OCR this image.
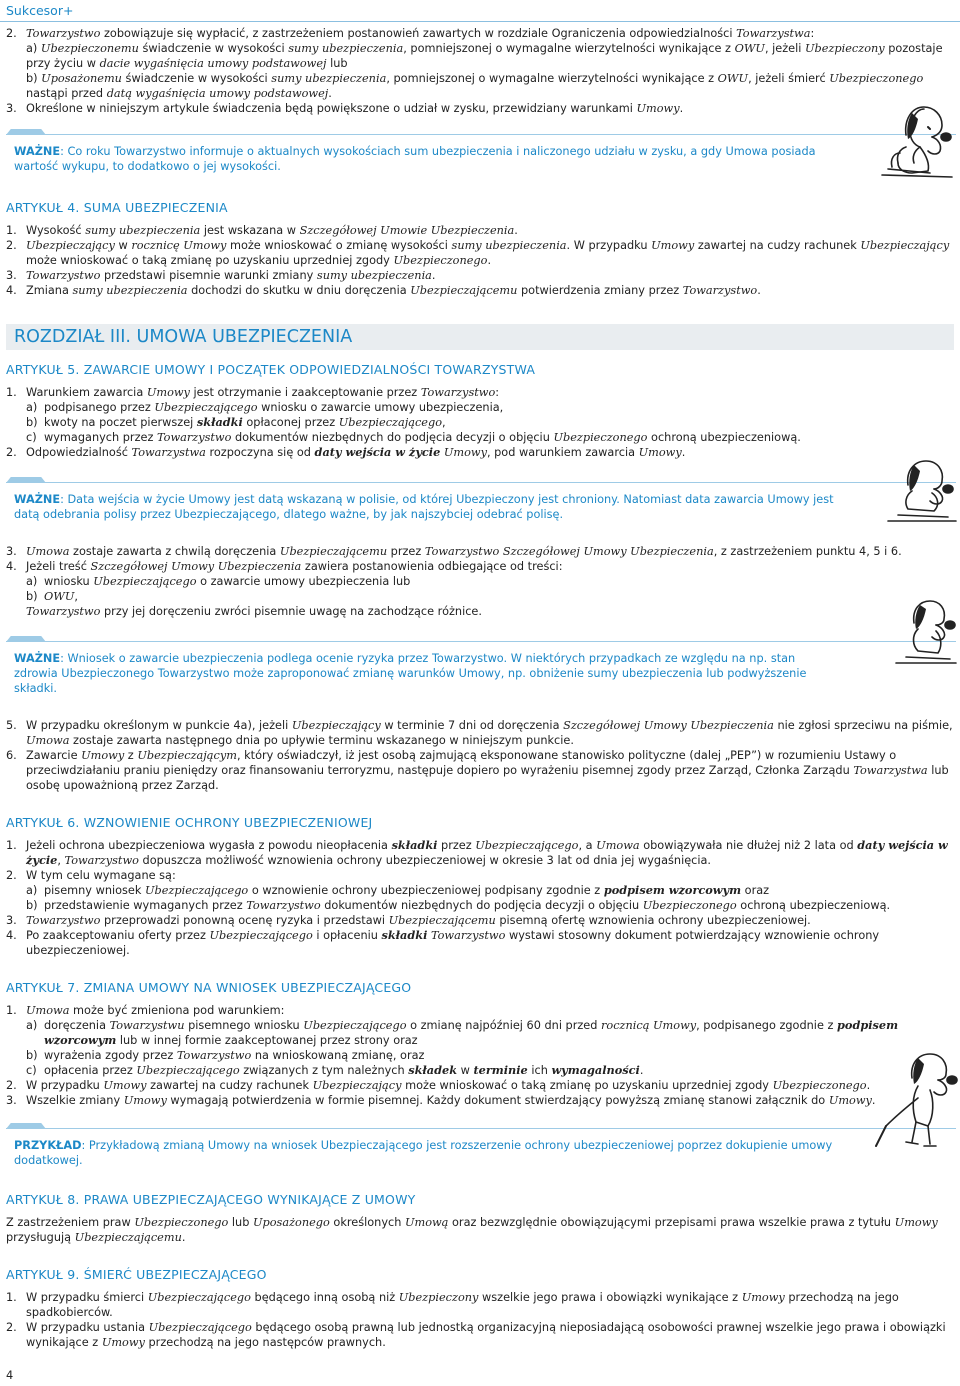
Sukcesor+
2. Towarzystwo zobowiązuje się wypłacić, z zastrzeżeniem postanowień zawartych w rozdziale Ograniczenia odpowiedzialności Towarzystwa:

a) Ubezpieczonemu świadczenie w wysokości sumy ubezpieczenia, pomniejszonej o wymagalne wierzytelności wynikające z OWU, jeżeli Ubezpieczony pozostaje przy życiu w dacie wygaśnięcia umowy podstawowej lub

b) Uposażonemu świadczenie w wysokości sumy ubezpieczenia, pomniejszonej o wymagalne wierzytelności wynikające z OWU, jeżeli śmierć Ubezpieczonego nastąpi przed datą wygaśnięcia umowy podstawowej.

3. Określone w niniejszym artykule świadczenia będą powiększone o udział w zysku, przewidziany warunkami Umowy.

WAŻNE: Co roku Towarzystwo informuje o aktualnych wysokościach sum ubezpieczenia i naliczonego udziału w zysku, a gdy Umowa posiada wartość wykupu, to dodatkowo o jej wysokości.
ARTYKUŁ 4. SUMA UBEZPIECZENIA
1. Wysokość sumy ubezpieczenia jest wskazana w Szczegółowej Umowie Ubezpieczenia.

2. Ubezpieczający w rocznicę Umowy może wnioskować o zmianę wysokości sumy ubezpieczenia. W przypadku Umowy zawartej na cudzy rachunek Ubezpieczający może wnioskować o taką zmianę po uzyskaniu uprzedniej zgody Ubezpieczonego.

3. Towarzystwo przedstawi pisemnie warunki zmiany sumy ubezpieczenia.

4. Zmiana sumy ubezpieczenia dochodzi do skutku w dniu doręczenia Ubezpieczającemu potwierdzenia zmiany przez Towarzystwo.

ROZDZIAŁ III. UMOWA UBEZPIECZENIA
ARTYKUŁ 5. ZAWARCIE UMOWY I POCZĄTEK ODPOWIEDZIALNOŚCI TOWARZYSTWA
1. Warunkiem zawarcia Umowy jest otrzymanie i zaakceptowanie przez Towarzystwo:

a) podpisanego przez Ubezpieczającego wniosku o zawarcie umowy ubezpieczenia,

b) kwoty na poczet pierwszej składki opłaconej przez Ubezpieczającego,

c) wymaganych przez Towarzystwo dokumentów niezbędnych do podjęcia decyzji o objęciu Ubezpieczonego ochroną ubezpieczeniową.

2. Odpowiedzialność Towarzystwa rozpoczyna się od daty wejścia w życie Umowy, pod warunkiem zawarcia Umowy.

WAŻNE: Data wejścia w życie Umowy jest datą wskazaną w polisie, od której Ubezpieczony jest chroniony. Natomiast data zawarcia Umowy jest datą odebrania polisy przez Ubezpieczającego, dlatego ważne, by jak najszybciej odebrać polisę.
3. Umowa zostaje zawarta z chwilą doręczenia Ubezpieczającemu przez Towarzystwo Szczegółowej Umowy Ubezpieczenia, z zastrzeżeniem punktu 4, 5 i 6.

4. Jeżeli treść Szczegółowej Umowy Ubezpieczenia zawiera postanowienia odbiegające od treści:

a) wniosku Ubezpieczającego o zawarcie umowy ubezpieczenia lub

b) OWU,

Towarzystwo przy jej doręczeniu zwróci pisemnie uwagę na zachodzące różnice.

WAŻNE: Wniosek o zawarcie ubezpieczenia podlega ocenie ryzyka przez Towarzystwo. W niektórych przypadkach ze względu na np. stan zdrowia Ubezpieczonego Towarzystwo może zaproponować zmianę warunków Umowy, np. obniżenie sumy ubezpieczenia lub podwyższenie składki.
5. W przypadku określonym w punkcie 4a), jeżeli Ubezpieczający w terminie 7 dni od doręczenia Szczegółowej Umowy Ubezpieczenia nie zgłosi sprzeciwu na piśmie, Umowa zostaje zawarta następnego dnia po upływie terminu wskazanego w niniejszym punkcie.

6. Zawarcie Umowy z Ubezpieczającym, który oświadczył, iż jest osobą zajmującą eksponowane stanowisko polityczne (dalej „PEP”) w rozumieniu Ustawy o przeciwdziałaniu praniu pieniędzy oraz finansowaniu terroryzmu, następuje dopiero po wyrażeniu pisemnej zgody przez Zarząd, Członka Zarządu Towarzystwa lub osobę upoważnioną przez Zarząd.

ARTYKUŁ 6. WZNOWIENIE OCHRONY UBEZPIECZENIOWEJ
1. Jeżeli ochrona ubezpieczeniowa wygasła z powodu nieopłacenia składki przez Ubezpieczającego, a Umowa obowiązywała nie dłużej niż 2 lata od daty wejścia w życie, Towarzystwo dopuszcza możliwość wznowienia ochrony ubezpieczeniowej w okresie 3 lat od dnia jej wygaśnięcia.

2. W tym celu wymagane są:

a) pisemny wniosek Ubezpieczającego o wznowienie ochrony ubezpieczeniowej podpisany zgodnie z podpisem wzorcowym oraz

b) przedstawienie wymaganych przez Towarzystwo dokumentów niezbędnych do podjęcia decyzji o objęciu Ubezpieczonego ochroną ubezpieczeniową.

3. Towarzystwo przeprowadzi ponowną ocenę ryzyka i przedstawi Ubezpieczającemu pisemną ofertę wznowienia ochrony ubezpieczeniowej.

4. Po zaakceptowaniu oferty przez Ubezpieczającego i opłaceniu składki Towarzystwo wystawi stosowny dokument potwierdzający wznowienie ochrony ubezpieczeniowej.

ARTYKUŁ 7. ZMIANA UMOWY NA WNIOSEK UBEZPIECZAJĄCEGO
1. Umowa może być zmieniona pod warunkiem:

a) doręczenia Towarzystwu pisemnego wniosku Ubezpieczającego o zmianę najpóźniej 60 dni przed rocznicą Umowy, podpisanego zgodnie z podpisem wzorcowym lub w innej formie zaakceptowanej przez strony oraz

b) wyrażenia zgody przez Towarzystwo na wnioskowaną zmianę, oraz

c) opłacenia przez Ubezpieczającego związanych z tym należnych składek w terminie ich wymagalności.

2. W przypadku Umowy zawartej na cudzy rachunek Ubezpieczający może wnioskować o taką zmianę po uzyskaniu uprzedniej zgody Ubezpieczonego.

3. Wszelkie zmiany Umowy wymagają potwierdzenia w formie pisemnej. Każdy dokument stwierdzający powyższą zmianę stanowi załącznik do Umowy.

PRZYKŁAD: Przykładową zmianą Umowy na wniosek Ubezpieczającego jest rozszerzenie ochrony ubezpieczeniowej poprzez dokupienie umowy dodatkowej.
ARTYKUŁ 8. PRAWA UBEZPIECZAJĄCEGO WYNIKAJĄCE Z UMOWY

Z zastrzeżeniem praw Ubezpieczonego lub Uposażonego określonych Umową oraz bezwzględnie obowiązującymi przepisami prawa wszelkie prawa z tytułu Umowy przysługują Ubezpieczającemu.

ARTYKUŁ 9. ŚMIERĆ UBEZPIECZAJĄCEGO
1. W przypadku śmierci Ubezpieczającego będącego inną osobą niż Ubezpieczony wszelkie jego prawa i obowiązki wynikające z Umowy przechodzą na jego spadkobierców.

2. W przypadku ustania Ubezpieczającego będącego osobą prawną lub jednostką organizacyjną nieposiadającą osobowości prawnej wszelkie jego prawa i obowiązki wynikające z Umowy przechodzą na jego następców prawnych.

4
